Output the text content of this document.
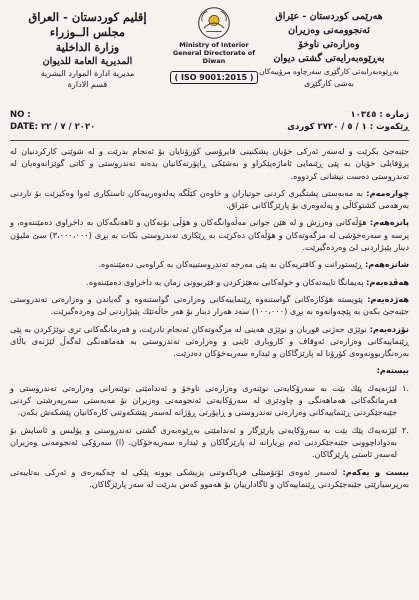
إقليم كوردستان - العراق
مجلس الــوزراء
وزارة الداخلية
المديرية العامة للديوان
مديرية ادارة الموارد البشرية
قسم الادارة
Ministry of Interior
General Directorate of Diwan
( ISO 9001:2015 )
هەرێمی كوردستان - عێراق
ئەنجوومەنی وەزیران
وەزارەتی ناوخۆ
بەڕێوەبەرایەتی گشتی دیوان
بەڕێوەبەرایەتی كارگێڕی سەرچاوە مرۆییەكان
بەشی كارگێڕی
NO :
DATE: ٢٠٢٠ / ٧ / ٢٢
ژمارە : ١٠٣٤٥
ڕێكەوت : ١ / ٥ / ٢٧٢٠ كوردی

جێبەجێ بكرێت و لەسەر ئەركی خۆیان پشكنینی فایرۆسی كۆرۆنایان بۆ ئەنجام بدرێت و لە شوێنی كاركردنیان لە پرۆفایلی خۆیان بە پێی ڕێنمایی ئاماژەپێكراو و بەشێكی ڕاپۆرتەكانیان بدەنە تەندروستی و كاتی گوێزانەوەیان لە تەندروستی دەست نیشانی كردووە.

چوارەمەم: بە مەبەستی پشتگیری كردنی جوتیاران و خاوەن كێڵگە پەلەوەرییەكان تاسنكاری ئەوا وەكیزێت بۆ ناردنی بەرهەمی كشتوكاڵی و پەلەوەری بۆ پارێزگاكانی عێراق.

پانزەهەم: هۆڵەكانی وەرزش و لە هێن جوانی مەڵەوانگەكان و هۆڵی بۆنەكان و ئاهەنگەكان بە داخراوی دەمێننەوە، و پرسە و سەرەخۆشی لە مزگەوتەكان و هۆڵەكان دەكرێت بە ڕێكاری تەندروستی بكات بە بڕی (٣،٠٠٠،٠٠٠) سێ ملیۆن دینار پێبژاردنی لێ وەردەگیرێت.

شانزەهەم: ڕێستورانت و كافتریەكان بە پێی مەرجە تەندروستییەكان بە كراوەیی دەمێننەوە.

هەڤدەیەم: پەیمانگا تایبەتەكان و خولەكانی بەهێزكردن و فێربوونی زمان بە داخراوی دەمێننەوە.

هەژدەیەم: پێویستە هۆكارەكانی گواستنەوە ڕێنماییەكانی وەزارەتی گواستنەوە و گەیاندن و وەزارەتی تەندروستی جێبەجێ بكەن بە پێچەوانەوە بە بڕی (١٠٠،٠٠٠) سەد هەزار دینار بۆ هەر حاڵەتێك پێبژاردنی لێ وەردەگیرێت.

نۆزدەیەم: نوێژی جەژنی قوربان و نوێژی هەینی لە مزگەوتەكان ئەنجام نادرێت، و فەرمانگەكانی تری نوێژكردن بە پێی ڕێنماییەكانی وەزارەتی ئەوقاف و كاروباری ئاینی و وەزارەتی تەندروستی بە هەماهەنگی لەگەڵ لێژنەی باڵای بەرەنگاربوونەوەی كۆرۆنا لە پارێزگاكان و ئیدارە سەربەخۆكان دەدرێت.

بیستەم:

.١
لێژنەیەك پێك بێت بە سەرۆكایەتی نوێنەری وەزارەتی ناوخۆ و ئەندامێتی نوێنەرانی وەزارەتی تەندروستی و فەرمانگەكانی هەماهەنگی و چاودێری لە سەرۆكایەتی ئەنجومەنی وەزیران بۆ مەبەستی سەرپەرشتی كردنی جێبەجێكردنی ڕێنماییەكانی وەزارەتی تەندروستی و ڕاپۆرتی ڕۆژانە لەسەر پێشكەوتنی كارەكانیان پێشكەش بكەن.
.٢
لێژنەیەك پێك بێت بە سەرۆكایەتی پارێزگار و ئەندامێتی بەڕێوەبەری گشتی تەندروستی و پۆلیس و ئاسایش بۆ بەدواداچوونی جێبەجێكردنی ئەم بڕیارانە لە پارێزگاكان و ئیدارە سەربەخۆكان. (ا) سەرۆكی ئەنجومەنی وەزیران لەسەر ئاستی پارێزگاكان.

بیست و یەكەم: لەسەر ئەوەی ئۆتۆمبێلی فریاكەوتنی پزیشكی بوونە پێكی لە چەكبەرەی و ئەركی بەتایبەتی بەرپرسیارێتی جێبەجێكردنی ڕێنماییەكان و ئاگادارییان بۆ هەموو كەس بدرێت لە سەر پارێزگاكان.
